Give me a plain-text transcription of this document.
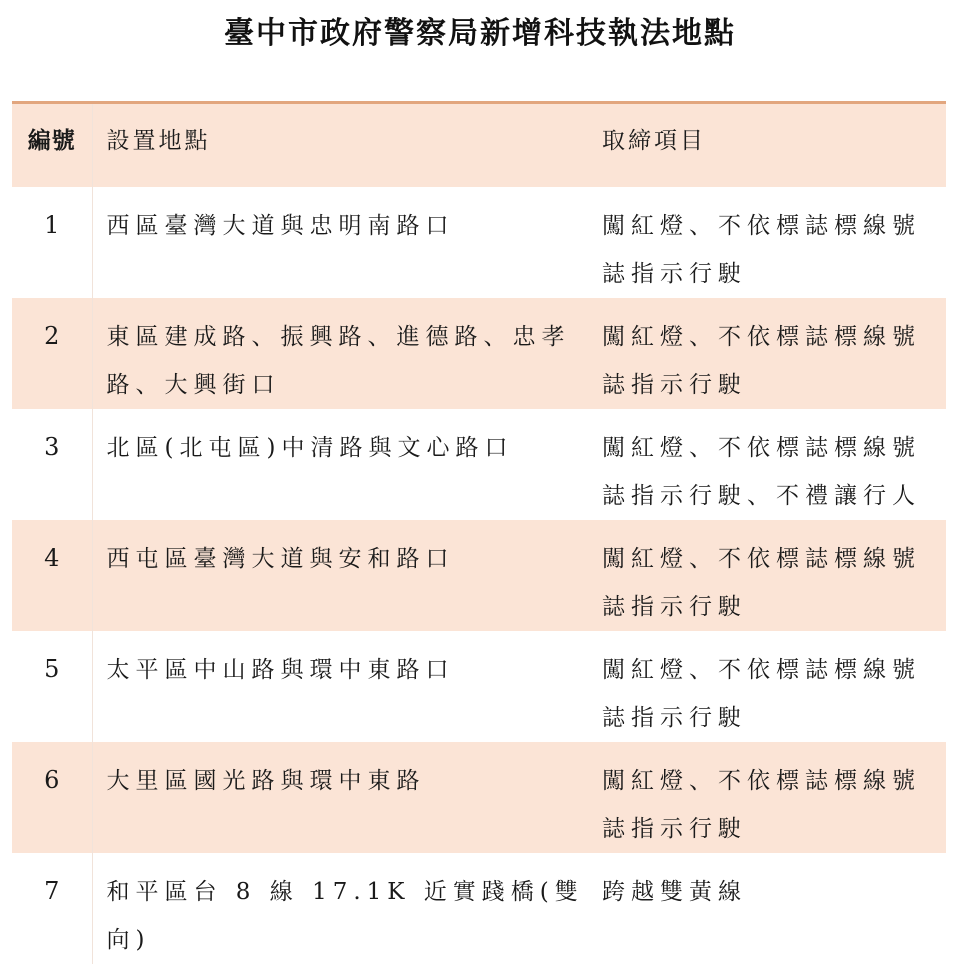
臺中市政府警察局新增科技執法地點
編號	設置地點	取締項目

1	西區臺灣大道與忠明南路口	闖紅燈、不依標誌標線號誌指示行駛

2	東區建成路、振興路、進德路、忠孝路、大興街口	闖紅燈、不依標誌標線號誌指示行駛

3	北區(北屯區)中清路與文心路口	闖紅燈、不依標誌標線號誌指示行駛、不禮讓行人

4	西屯區臺灣大道與安和路口	闖紅燈、不依標誌標線號誌指示行駛

5	太平區中山路與環中東路口	闖紅燈、不依標誌標線號誌指示行駛

6	大里區國光路與環中東路	闖紅燈、不依標誌標線號誌指示行駛

7	和平區台 8 線 17.1K 近實踐橋(雙向)	跨越雙黃線
